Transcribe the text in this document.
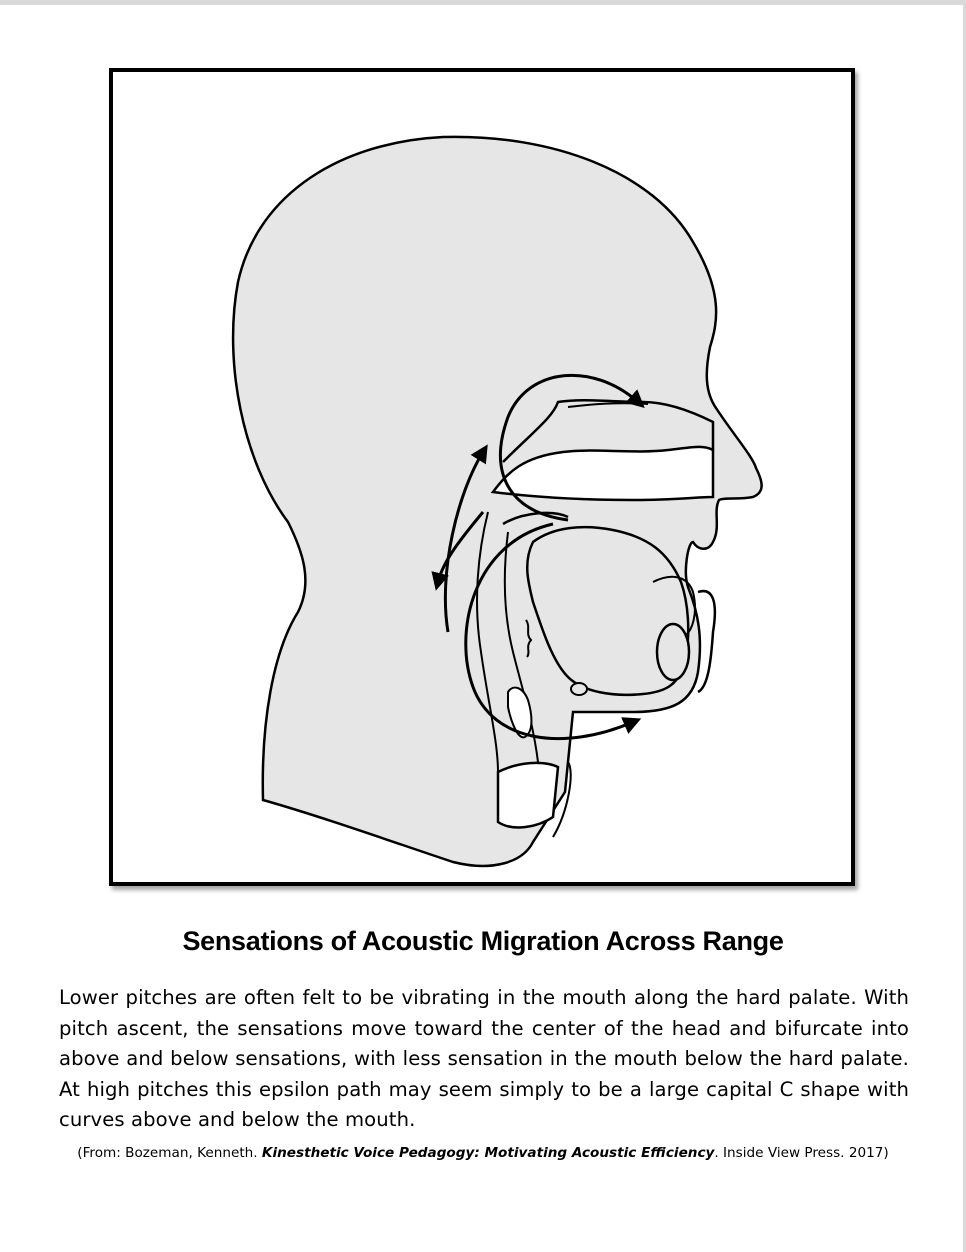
Sensations of Acoustic Migration Across Range
Lower pitches are often felt to be vibrating in the mouth along the hard palate. With pitch ascent, the sensations move toward the center of the head and bifurcate into above and below sensations, with less sensation in the mouth below the hard palate. At high pitches this epsilon path may seem simply to be a large capital C shape with curves above and below the mouth.
(From: Bozeman, Kenneth. Kinesthetic Voice Pedagogy: Motivating Acoustic Efficiency. Inside View Press. 2017)
